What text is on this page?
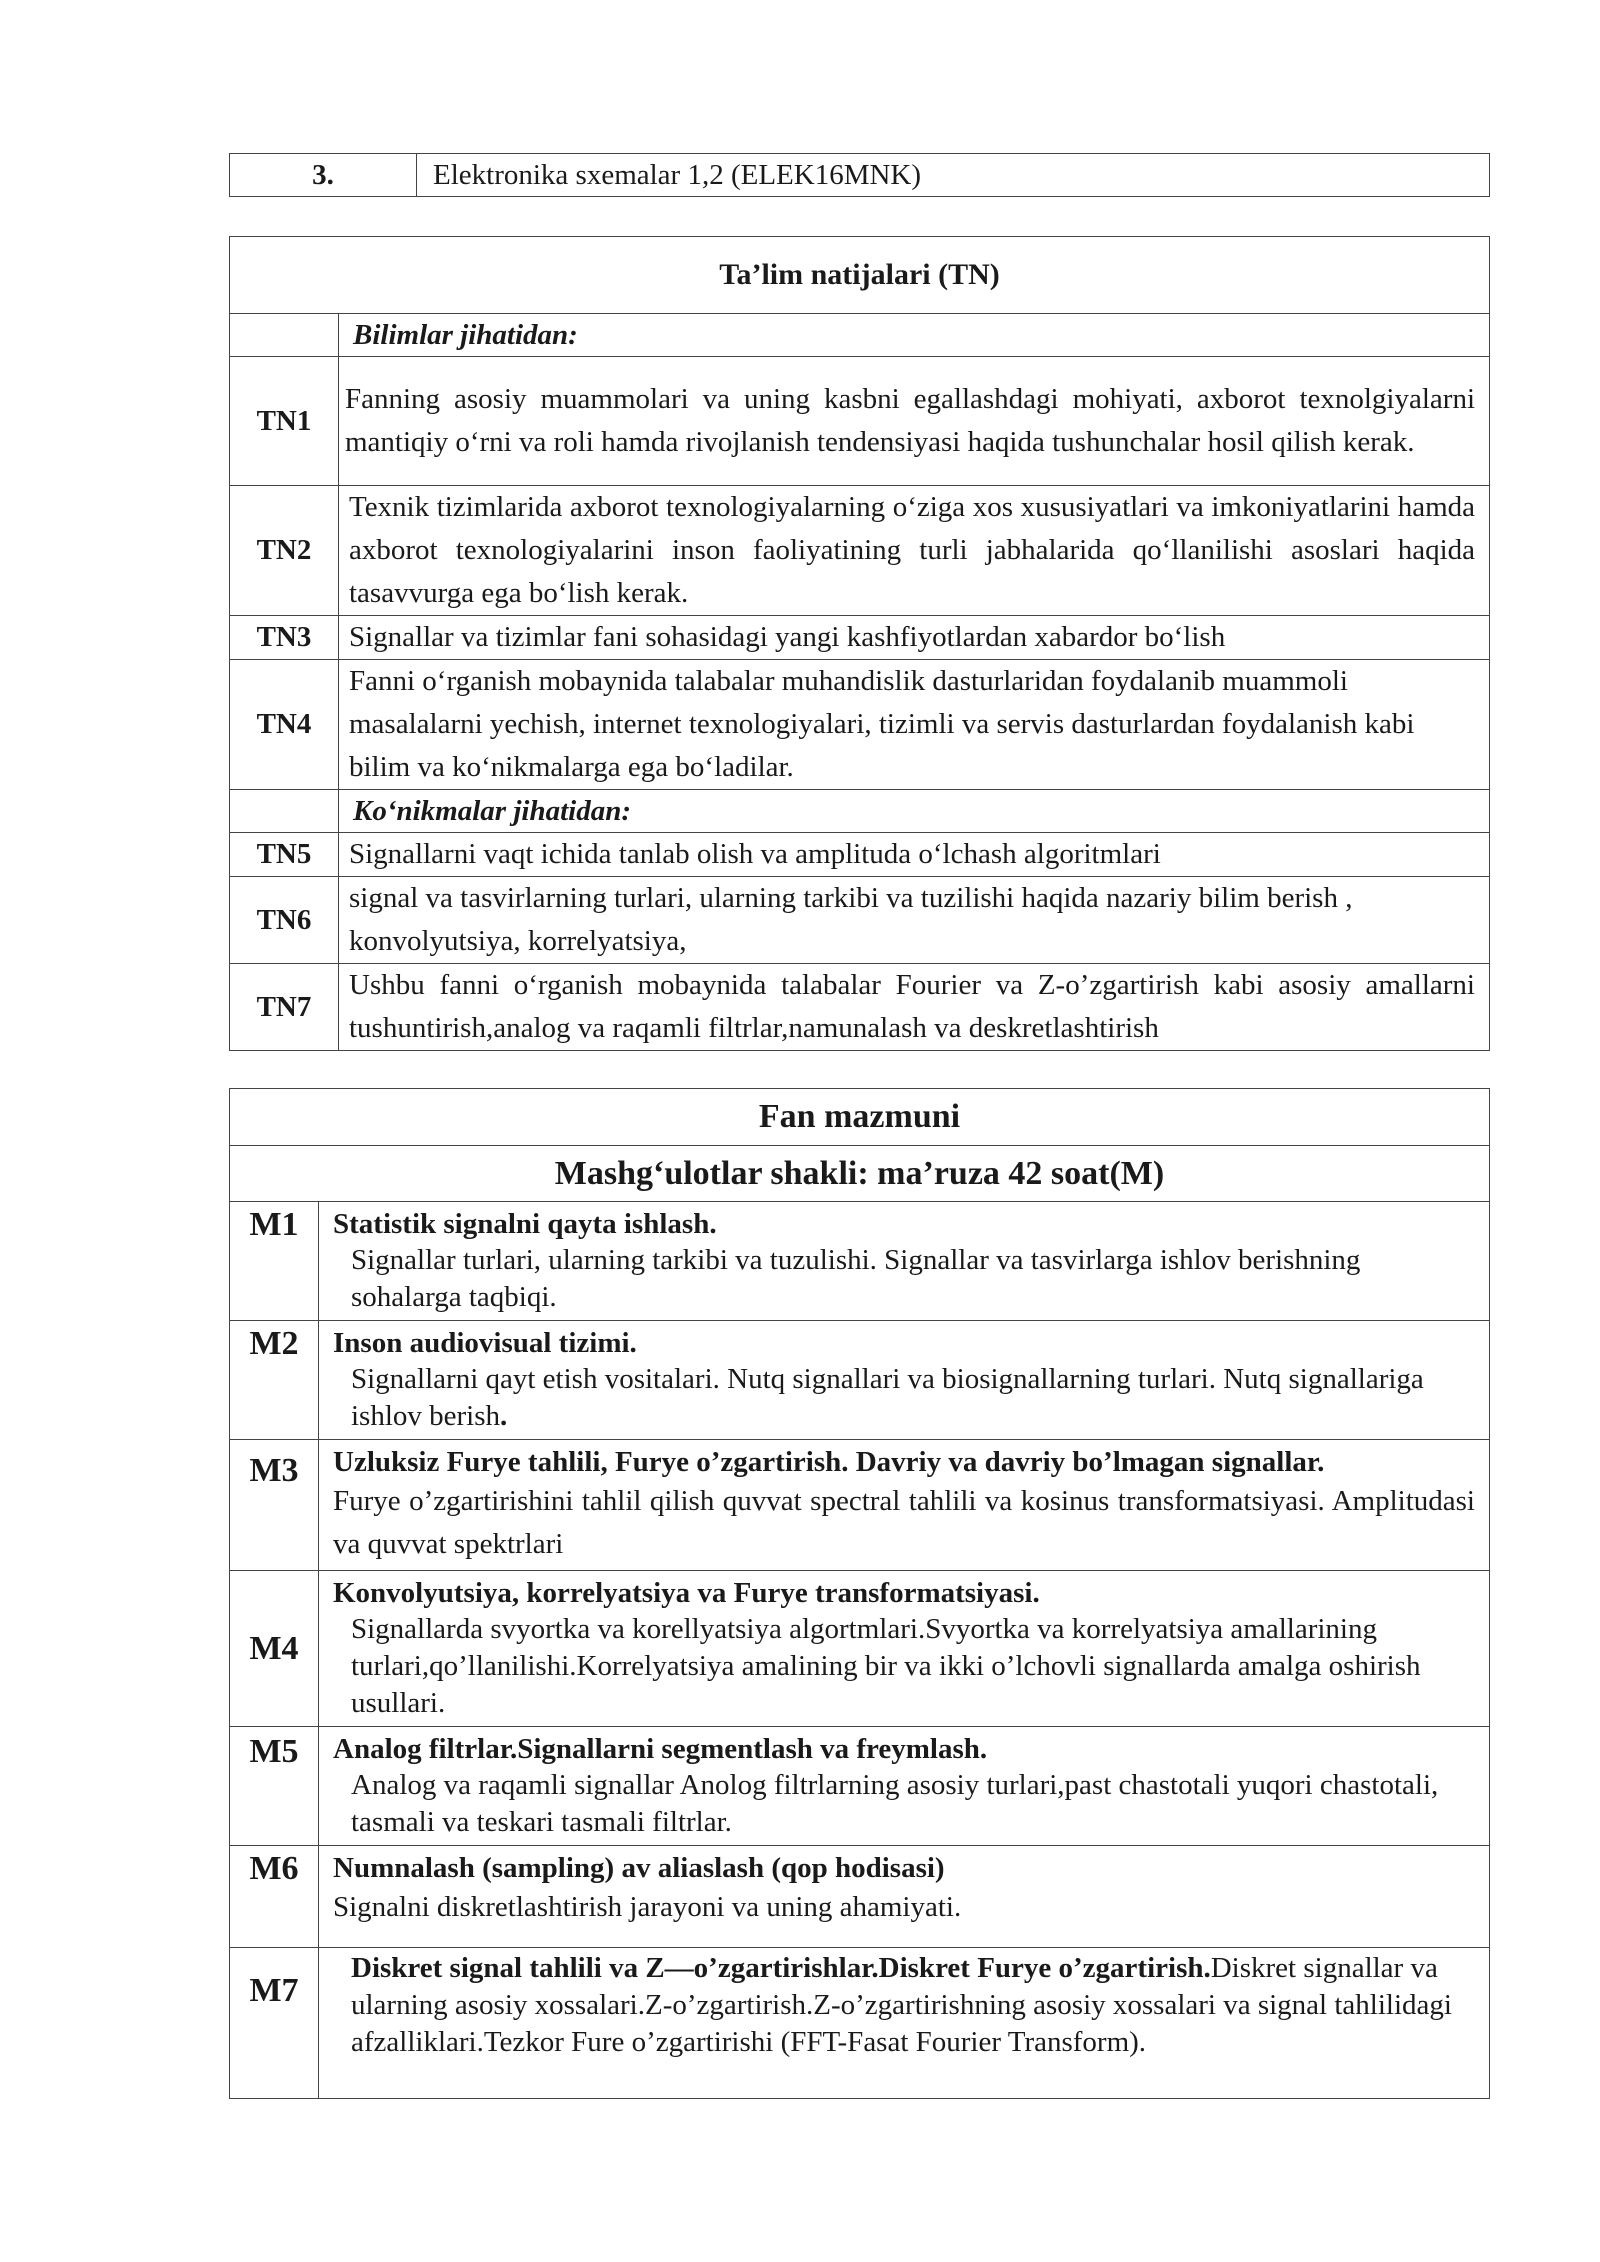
3.	Elektronika sxemalar 1,2 (ELEK16MNK)
Ta’lim natijalari (TN)	
	Bilimlar jihatidan:
TN1	Fanning asosiy muammolari va uning kasbni egallashdagi mohiyati, axborot texnolgiyalarni mantiqiy o‘rni va roli hamda rivojlanish tendensiyasi haqida tushunchalar hosil qilish kerak.
TN2	Texnik tizimlarida axborot texnologiyalarning o‘ziga xos xususiyatlari va imkoniyatlarini hamda axborot texnologiyalarini inson faoliyatining turli jabhalarida qo‘llanilishi asoslari haqida tasavvurga ega bo‘lish kerak.
TN3	Signallar va tizimlar fani sohasidagi yangi kashfiyotlardan xabardor bo‘lish
TN4	Fanni o‘rganish mobaynida talabalar muhandislik dasturlaridan foydalanib muammoli masalalarni yechish, internet texnologiyalari, tizimli va servis dasturlardan foydalanish kabi bilim va ko‘nikmalarga ega bo‘ladilar.
	Ko‘nikmalar jihatidan:
TN5	Signallarni vaqt ichida tanlab olish va amplituda o‘lchash algoritmlari
TN6	signal va tasvirlarning turlari, ularning tarkibi va tuzilishi haqida nazariy bilim berish , konvolyutsiya, korrelyatsiya,
TN7	Ushbu fanni o‘rganish mobaynida talabalar Fourier va Z-o’zgartirish kabi asosiy amallarni tushuntirish,analog va raqamli filtrlar,namunalash va deskretlashtirish
Fan mazmuni	
Mashg‘ulotlar shakli: ma’ruza 42 soat(M)	
M1	Statistik signalni qayta ishlash.
Signallar turlari, ularning tarkibi va tuzulishi. Signallar va tasvirlarga ishlov berishning sohalarga taqbiqi.

M2	Inson audiovisual tizimi.
Signallarni qayt etish vositalari. Nutq signallari va biosignallarning turlari. Nutq signallariga ishlov berish.

M3	Uzluksiz Furye tahlili, Furye o’zgartirish. Davriy va davriy bo’lmagan signallar.
Furye o’zgartirishini tahlil qilish quvvat spectral tahlili va kosinus transformatsiyasi. Amplitudasi va quvvat spektrlari

M4	Konvolyutsiya, korrelyatsiya va Furye transformatsiyasi.
Signallarda svyortka va korellyatsiya algortmlari.Svyortka va korrelyatsiya amallarining turlari,qo’llanilishi.Korrelyatsiya amalining bir va ikki o’lchovli signallarda amalga oshirish usullari.

M5	Analog filtrlar.Signallarni segmentlash va freymlash.
Analog va raqamli signallar Anolog filtrlarning asosiy turlari,past chastotali yuqori chastotali, tasmali va teskari tasmali filtrlar.

M6	Numnalash (sampling) av aliaslash (qop hodisasi)
Signalni diskretlashtirish jarayoni va uning ahamiyati.

M7	Diskret signal tahlili va Z—o’zgartirishlar.Diskret Furye o’zgartirish.Diskret signallar va ularning asosiy xossalari.Z-o’zgartirish.Z-o’zgartirishning asosiy xossalari va signal tahlilidagi afzalliklari.Tezkor Fure o’zgartirishi (FFT-Fasat Fourier Transform).
